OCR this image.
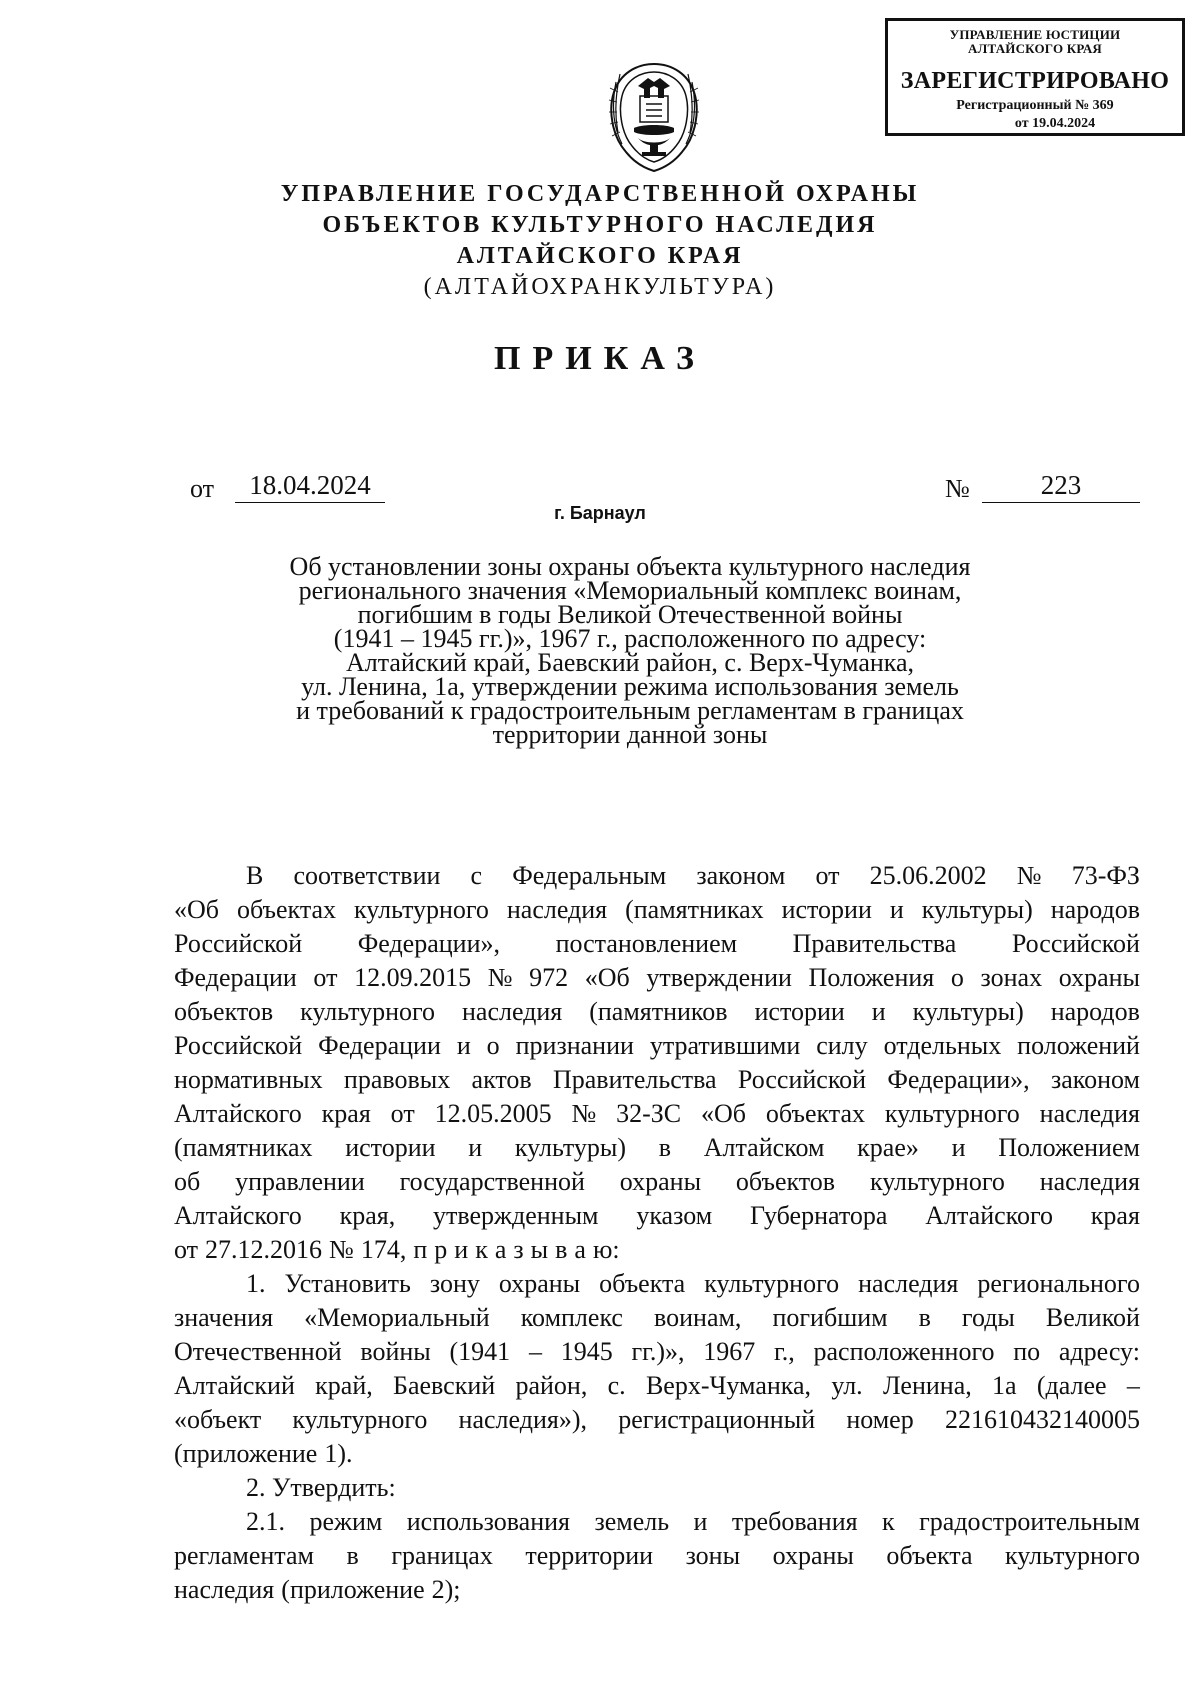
УПРАВЛЕНИЕ ЮСТИЦИИ
АЛТАЙСКОГО КРАЯ
ЗАРЕГИСТРИРОВАНО
Регистрационный № 369
от 19.04.2024
УПРАВЛЕНИЕ ГОСУДАРСТВЕННОЙ ОХРАНЫ
ОБЪЕКТОВ КУЛЬТУРНОГО НАСЛЕДИЯ
АЛТАЙСКОГО КРАЯ
(АЛТАЙОХРАНКУЛЬТУРА)
ПРИКАЗ
от	18.04.2024	№	223
г. Барнаул
Об установлении зоны охраны объекта культурного наследия
регионального значения «Мемориальный комплекс воинам,
погибшим в годы Великой Отечественной войны
(1941 – 1945 гг.)», 1967 г., расположенного по адресу:
Алтайский край, Баевский район, с. Верх-Чуманка,
ул. Ленина, 1а, утверждении режима использования земель
и требований к градостроительным регламентам в границах
территории данной зоны
В соответствии с Федеральным законом от 25.06.2002 № 73-ФЗ
«Об объектах культурного наследия (памятниках истории и культуры) народов
Российской Федерации», постановлением Правительства Российской
Федерации от 12.09.2015 № 972 «Об утверждении Положения о зонах охраны
объектов культурного наследия (памятников истории и культуры) народов
Российской Федерации и о признании утратившими силу отдельных положений
нормативных правовых актов Правительства Российской Федерации», законом
Алтайского края от 12.05.2005 № 32-ЗС «Об объектах культурного наследия
(памятниках истории и культуры) в Алтайском крае» и Положением
об управлении государственной охраны объектов культурного наследия
Алтайского края, утвержденным указом Губернатора Алтайского края
от 27.12.2016 № 174, п р и к а з ы в а ю:
1. Установить зону охраны объекта культурного наследия регионального
значения «Мемориальный комплекс воинам, погибшим в годы Великой
Отечественной войны (1941 – 1945 гг.)», 1967 г., расположенного по адресу:
Алтайский край, Баевский район, с. Верх-Чуманка, ул. Ленина, 1а (далее –
«объект культурного наследия»), регистрационный номер 221610432140005
(приложение 1).
2. Утвердить:
2.1. режим использования земель и требования к градостроительным
регламентам в границах территории зоны охраны объекта культурного
наследия (приложение 2);
